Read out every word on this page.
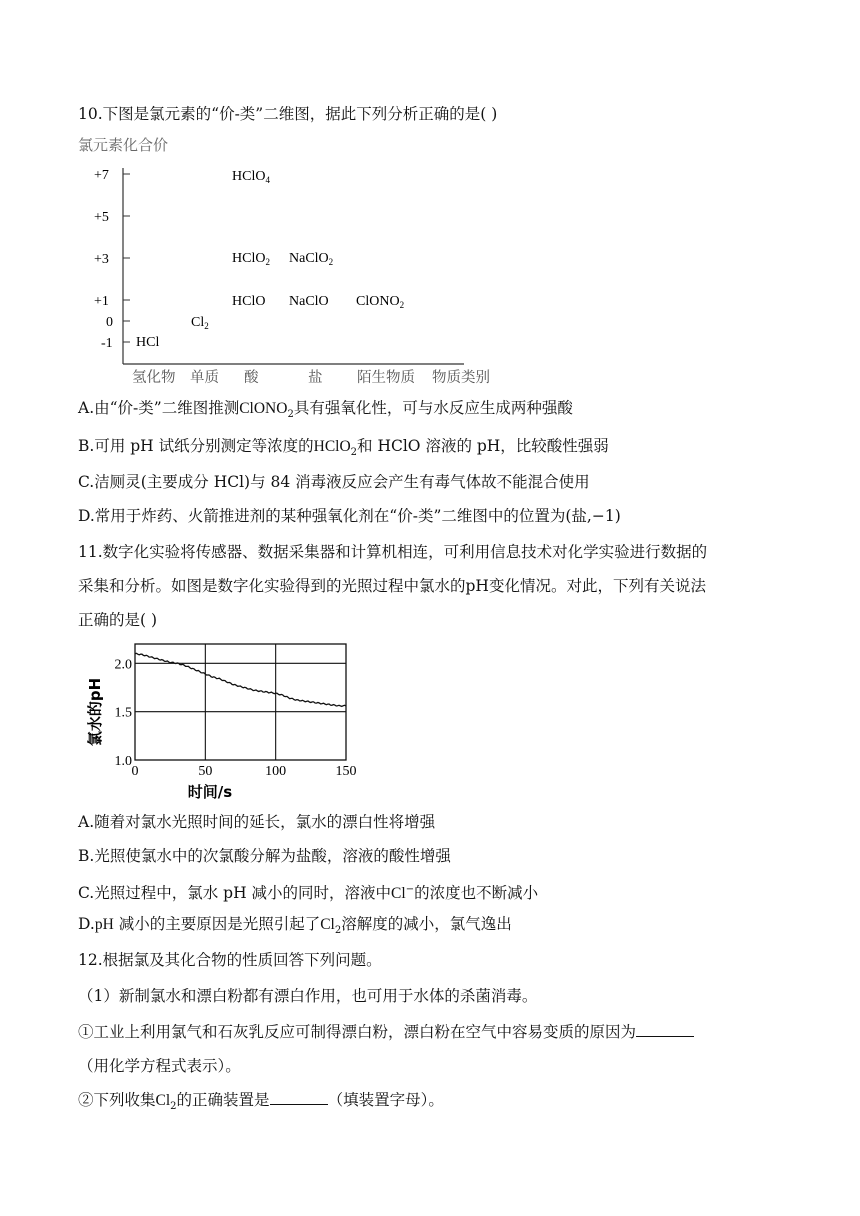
10.下图是氯元素的“价-类”二维图，据此下列分析正确的是( )
氯元素化合价
+7
+5
+3
+1
0
-1
氢化物 单质 酸	盐 陌生物质 物质类别
HClO$_4$
HClO$_2$ NaClO$_2$
HClO NaClO ClONO$_2$
$Cl_2$
HCl
A.由“价-类”二维图推测ClONO$_2$具有强氧化性，可与水反应生成两种强酸
B.可用 pH 试纸分别测定等浓度的HClO$_2$和 HClO 溶液的 pH，比较酸性强弱
C.洁厕灵(主要成分 HCl)与 84 消毒液反应会产生有毒气体故不能混合使用
D.常用于炸药、火箭推进剂的某种强氧化剂在“价-类”二维图中的位置为(盐,−1)
11.数字化实验将传感器、数据采集器和计算机相连，可利用信息技术对化学实验进行数据的
采集和分析。如图是数字化实验得到的光照过程中氯水的pH变化情况。对此，下列有关说法
正确的是( )
0	50	100	150
1.0
1.5
2.0
时间/s
氯水的pH
A.随着对氯水光照时间的延长，氯水的漂白性将增强
B.光照使氯水中的次氯酸分解为盐酸，溶液的酸性增强
C.光照过程中，氯水 pH 减小的同时，溶液中Cl−的浓度也不断减小
D.pH 减小的主要原因是光照引起了$Cl_2$溶解度的减小，氯气逸出
12.根据氯及其化合物的性质回答下列问题。
（1）新制氯水和漂白粉都有漂白作用，也可用于水体的杀菌消毒。
①工业上利用氯气和石灰乳反应可制得漂白粉，漂白粉在空气中容易变质的原因为
（用化学方程式表示）。
②下列收集$Cl_2$的正确装置是	（填装置字母）。
